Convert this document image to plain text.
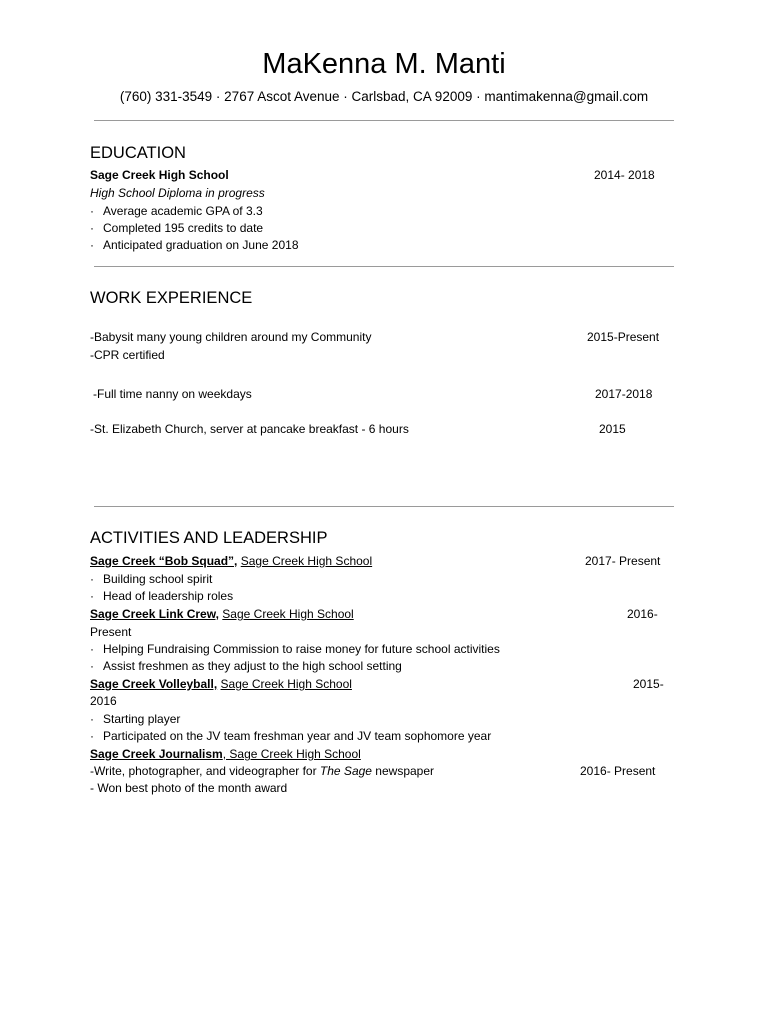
MaKenna M. Manti
(760) 331-3549 · 2767 Ascot Avenue · Carlsbad, CA 92009 · mantimakenna@gmail.com
EDUCATION
Sage Creek High School	2014- 2018
High School Diploma in progress
· Average academic GPA of 3.3
· Completed 195 credits to date
· Anticipated graduation on June 2018
WORK EXPERIENCE
-Babysit many young children around my Community	2015-Present
-CPR certified
-Full time nanny on weekdays	2017-2018
-St. Elizabeth Church, server at pancake breakfast - 6 hours	2015
ACTIVITIES AND LEADERSHIP
Sage Creek “Bob Squad”, Sage Creek High School	2017- Present
· Building school spirit
· Head of leadership roles
Sage Creek Link Crew, Sage Creek High School	2016-
Present
· Helping Fundraising Commission to raise money for future school activities
· Assist freshmen as they adjust to the high school setting
Sage Creek Volleyball, Sage Creek High School	2015-
2016
· Starting player
· Participated on the JV team freshman year and JV team sophomore year
Sage Creek Journalism, Sage Creek High School
-Write, photographer, and videographer for The Sage newspaper	2016- Present
- Won best photo of the month award
